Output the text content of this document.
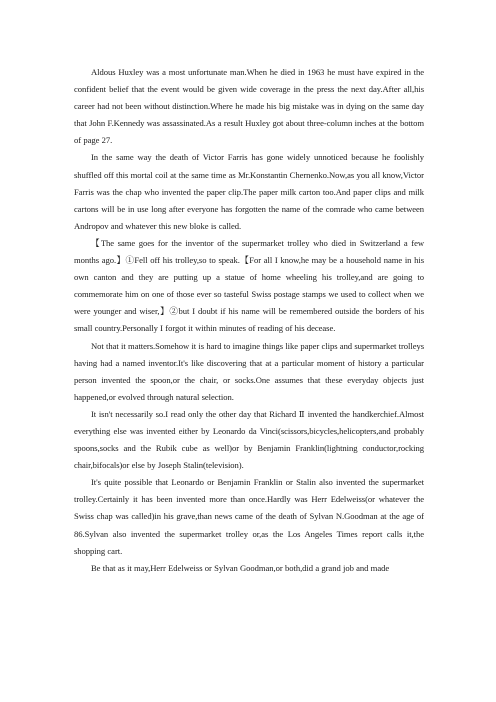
Aldous Huxley was a most unfortunate man.When he died in 1963 he must have expired in the confident belief that the event would be given wide coverage in the press the next day.After all,his career had not been without distinction.Where he made his big mistake was in dying on the same day that John F.Kennedy was assassinated.As a result Huxley got about three-column inches at the bottom of page 27.

In the same way the death of Victor Farris has gone widely unnoticed because he foolishly shuffled off this mortal coil at the same time as Mr.Konstantin Chernenko.Now,as you all know,Victor Farris was the chap who invented the paper clip.The paper milk carton too.And paper clips and milk cartons will be in use long after everyone has forgotten the name of the comrade who came between Andropov and whatever this new bloke is called.

【The same goes for the inventor of the supermarket trolley who died in Switzerland a few months ago.】①Fell off his trolley,so to speak.【For all I know,he may be a household name in his own canton and they are putting up a statue of home wheeling his trolley,and are going to commemorate him on one of those ever so tasteful Swiss postage stamps we used to collect when we were younger and wiser,】②but I doubt if his name will be remembered outside the borders of his small country.Personally I forgot it within minutes of reading of his decease.

Not that it matters.Somehow it is hard to imagine things like paper clips and supermarket trolleys having had a named inventor.It's like discovering that at a particular moment of history a particular person invented the spoon,or the chair, or socks.One assumes that these everyday objects just happened,or evolved through natural selection.

It isn't necessarily so.I read only the other day that Richard Ⅱ invented the handkerchief.Almost everything else was invented either by Leonardo da Vinci(scissors,bicycles,helicopters,and probably spoons,socks and the Rubik cube as well)or by Benjamin Franklin(lightning conductor,rocking chair,bifocals)or else by Joseph Stalin(television).

It's quite possible that Leonardo or Benjamin Franklin or Stalin also invented the supermarket trolley.Certainly it has been invented more than once.Hardly was Herr Edelweiss(or whatever the Swiss chap was called)in his grave,than news came of the death of Sylvan N.Goodman at the age of 86.Sylvan also invented the supermarket trolley or,as the Los Angeles Times report calls it,the shopping cart.

Be that as it may,Herr Edelweiss or Sylvan Goodman,or both,did a grand job and made
